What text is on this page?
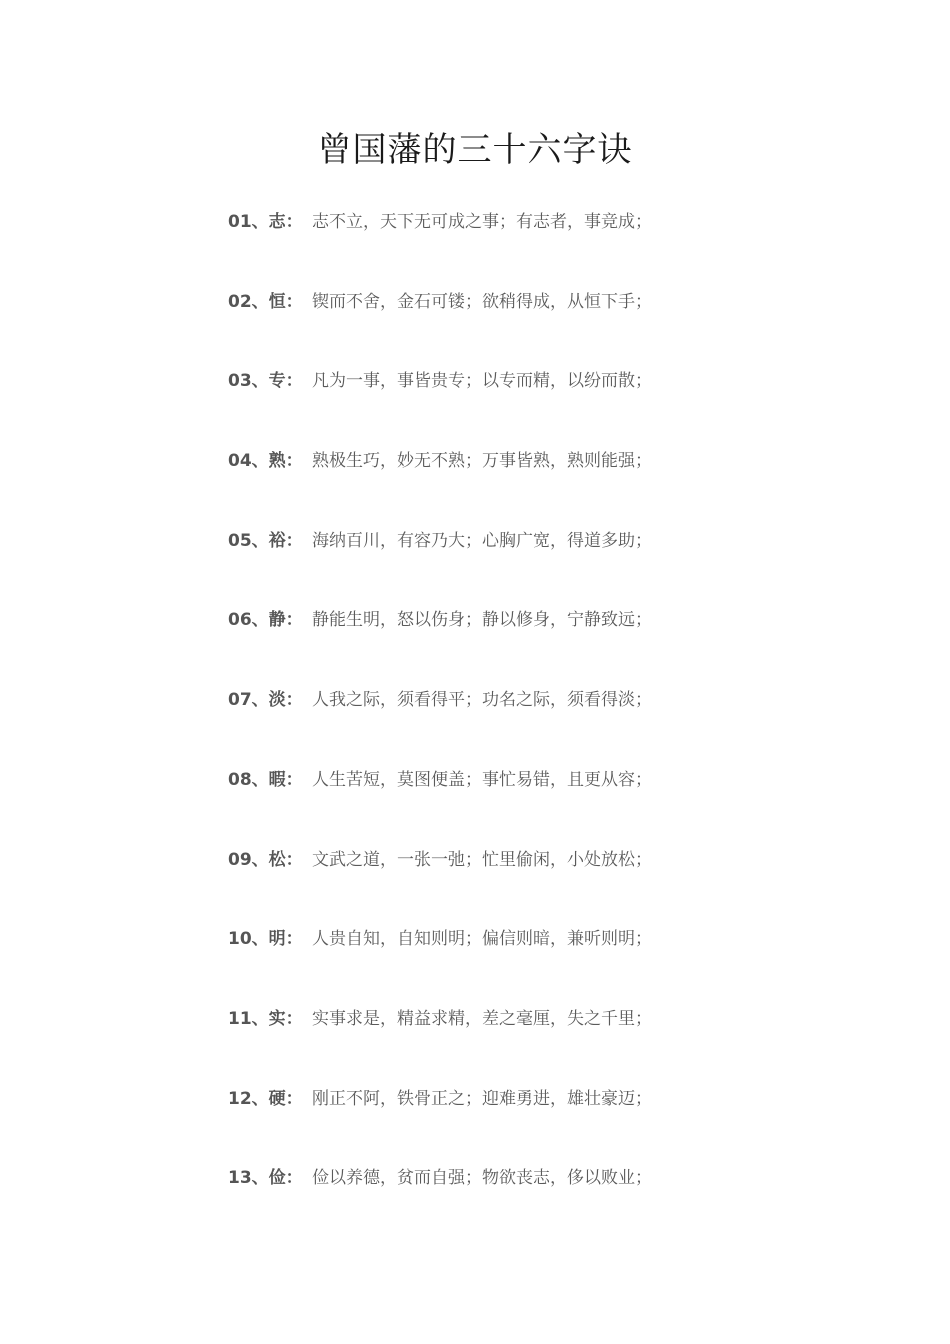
曾国藩的三十六字诀
01、志： 志不立，天下无可成之事；有志者，事竞成；
02、恒： 锲而不舍，金石可镂；欲稍得成，从恒下手；
03、专： 凡为一事，事皆贵专；以专而精，以纷而散；
04、熟： 熟极生巧，妙无不熟；万事皆熟，熟则能强；
05、裕： 海纳百川，有容乃大；心胸广宽，得道多助；
06、静： 静能生明，怒以伤身；静以修身，宁静致远；
07、淡： 人我之际，须看得平；功名之际，须看得淡；
08、暇： 人生苦短，莫图便盖；事忙易错，且更从容；
09、松： 文武之道，一张一弛；忙里偷闲，小处放松；
10、明： 人贵自知，自知则明；偏信则暗，兼听则明；
11、实： 实事求是，精益求精，差之毫厘，失之千里；
12、硬： 刚正不阿，铁骨正之；迎难勇进，雄壮豪迈；
13、俭： 俭以养德，贫而自强；物欲丧志，侈以败业；
